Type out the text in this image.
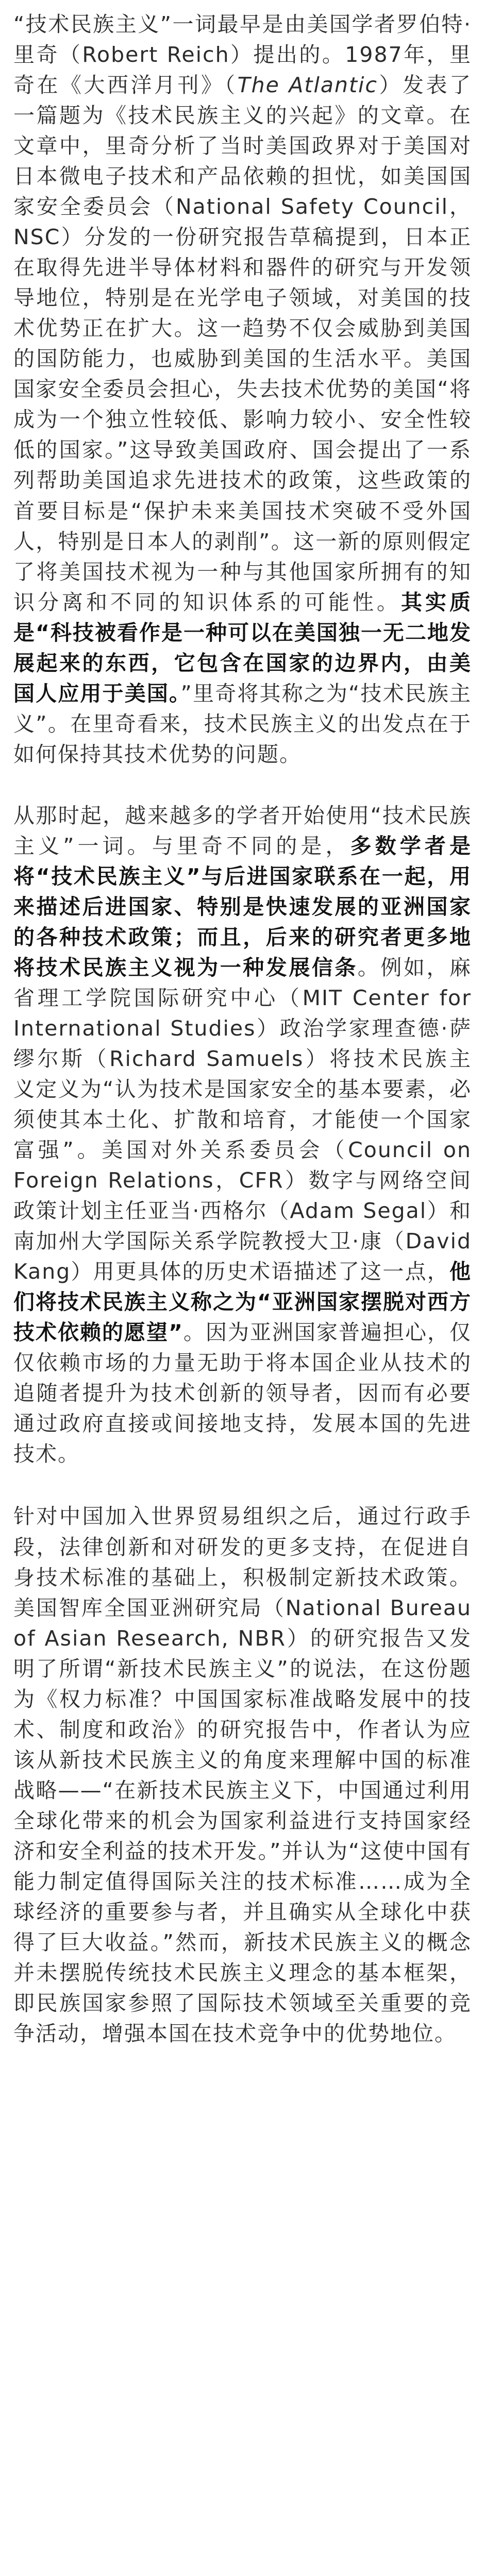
“技术民族主义”一词最早是由美国学者罗伯特·里奇（Robert Reich）提出的。1987年，里奇在《大西洋月刊》（The Atlantic）发表了一篇题为《技术民族主义的兴起》的文章。在文章中，里奇分析了当时美国政界对于美国对日本微电子技术和产品依赖的担忧，如美国国家安全委员会（National Safety Council，NSC）分发的一份研究报告草稿提到，日本正在取得先进半导体材料和器件的研究与开发领导地位，特别是在光学电子领域，对美国的技术优势正在扩大。这一趋势不仅会威胁到美国的国防能力，也威胁到美国的生活水平。美国国家安全委员会担心，失去技术优势的美国“将成为一个独立性较低、影响力较小、安全性较低的国家。”这导致美国政府、国会提出了一系列帮助美国追求先进技术的政策，这些政策的首要目标是“保护未来美国技术突破不受外国人，特别是日本人的剥削”。这一新的原则假定了将美国技术视为一种与其他国家所拥有的知识分离和不同的知识体系的可能性。其实质是“科技被看作是一种可以在美国独一无二地发展起来的东西，它包含在国家的边界内，由美国人应用于美国。”里奇将其称之为“技术民族主义”。在里奇看来，技术民族主义的出发点在于如何保持其技术优势的问题。

从那时起，越来越多的学者开始使用“技术民族主义”一词。与里奇不同的是，多数学者是将“技术民族主义”与后进国家联系在一起，用来描述后进国家、特别是快速发展的亚洲国家的各种技术政策；而且，后来的研究者更多地将技术民族主义视为一种发展信条。例如，麻省理工学院国际研究中心（MIT Center for International Studies）政治学家理查德·萨缪尔斯（Richard Samuels）将技术民族主义定义为“认为技术是国家安全的基本要素，必须使其本土化、扩散和培育，才能使一个国家富强”。美国对外关系委员会（Council on Foreign Relations，CFR）数字与网络空间政策计划主任亚当·西格尔（Adam Segal）和南加州大学国际关系学院教授大卫·康（David Kang）用更具体的历史术语描述了这一点，他们将技术民族主义称之为“亚洲国家摆脱对西方技术依赖的愿望”。因为亚洲国家普遍担心，仅仅依赖市场的力量无助于将本国企业从技术的追随者提升为技术创新的领导者，因而有必要通过政府直接或间接地支持，发展本国的先进技术。

针对中国加入世界贸易组织之后，通过行政手段，法律创新和对研发的更多支持，在促进自身技术标准的基础上，积极制定新技术政策。美国智库全国亚洲研究局（National Bureau of Asian Research, NBR）的研究报告又发明了所谓“新技术民族主义”的说法，在这份题为《权力标准？中国国家标准战略发展中的技术、制度和政治》的研究报告中，作者认为应该从新技术民族主义的角度来理解中国的标准战略——“在新技术民族主义下，中国通过利用全球化带来的机会为国家利益进行支持国家经济和安全利益的技术开发。”并认为“这使中国有能力制定值得国际关注的技术标准……成为全球经济的重要参与者，并且确实从全球化中获得了巨大收益。”然而，新技术民族主义的概念并未摆脱传统技术民族主义理念的基本框架，即民族国家参照了国际技术领域至关重要的竞争活动，增强本国在技术竞争中的优势地位。
